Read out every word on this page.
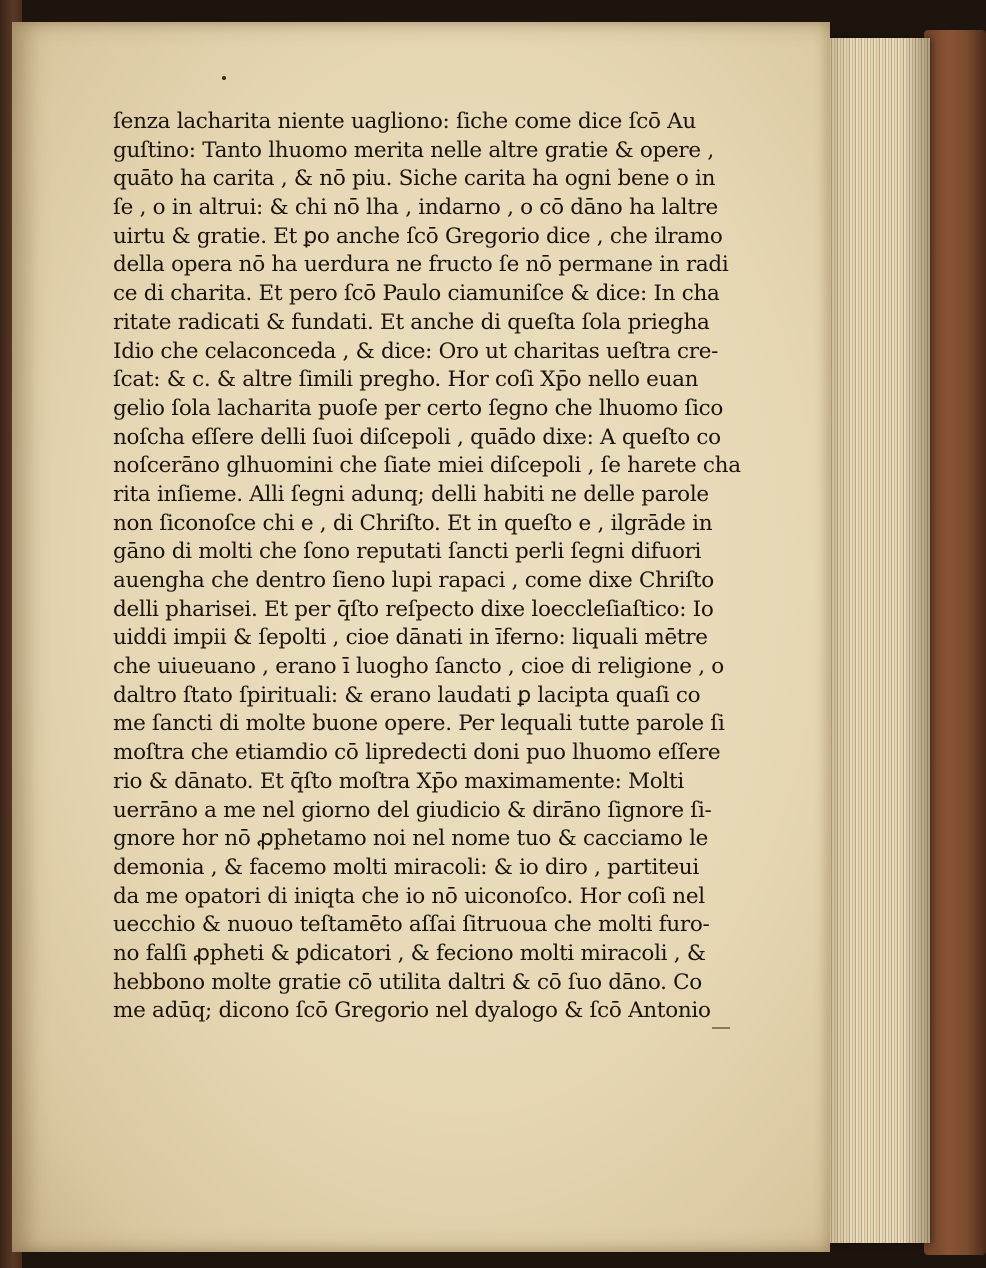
ſenza lacharita niente uagliono: ſiche come dice ſcō Au
guſtino: Tanto lhuomo merita nelle altre gratie & opere ,
quāto ha carita , & nō piu. Siche carita ha ogni bene o in
ſe , o in altrui: & chi nō lha , indarno , o cō dāno ha laltre
uirtu & gratie. Et ꝑo anche ſcō Gregorio dice , che ilramo
della opera nō ha uerdura ne fructo ſe nō permane in radi
ce di charita. Et pero ſcō Paulo ciamuniſce & dice: In cha
ritate radicati & fundati. Et anche di queſta ſola priegha
Idio che celaconceda , & dice: Oro ut charitas ueſtra cre-
ſcat: & c. & altre ſimili pregho. Hor coſi Xp̄o nello euan
gelio ſola lacharita puoſe per certo ſegno che lhuomo ſico
noſcha eſſere delli ſuoi diſcepoli , quādo dixe: A queſto co
noſcerāno glhuomini che ſiate miei diſcepoli , ſe harete cha
rita inſieme. Alli ſegni adunq; delli habiti ne delle parole
non ſiconoſce chi e , di Chriſto. Et in queſto e , ilgrāde in
gāno di molti che ſono reputati ſancti perli ſegni difuori
auengha che dentro ſieno lupi rapaci , come dixe Chriſto
delli pharisei. Et per q̄ſto reſpecto dixe loeccleſiaſtico: Io
uiddi impii & ſepolti , cioe dānati in īferno: liquali mētre
che uiueuano , erano ī luogho ſancto , cioe di religione , o
daltro ſtato ſpirituali: & erano laudati ꝑ lacipta quaſi co
me ſancti di molte buone opere. Per lequali tutte parole ſi
moſtra che etiamdio cō lipredecti doni puo lhuomo eſſere
rio & dānato. Et q̄ſto moſtra Xp̄o maximamente: Molti
uerrāno a me nel giorno del giudicio & dirāno ſignore ſi-
gnore hor nō ꝓphetamo noi nel nome tuo & cacciamo le
demonia , & facemo molti miracoli: & io diro , partiteui
da me opatori di iniqta che io nō uiconoſco. Hor coſi nel
uecchio & nuouo teſtamēto aſſai ſitruoua che molti furo-
no falſi ꝓpheti & ꝑdicatori , & feciono molti miracoli , &
hebbono molte gratie cō utilita daltri & cō ſuo dāno. Co
me adūq; dicono ſcō Gregorio nel dyalogo & ſcō Antonio
